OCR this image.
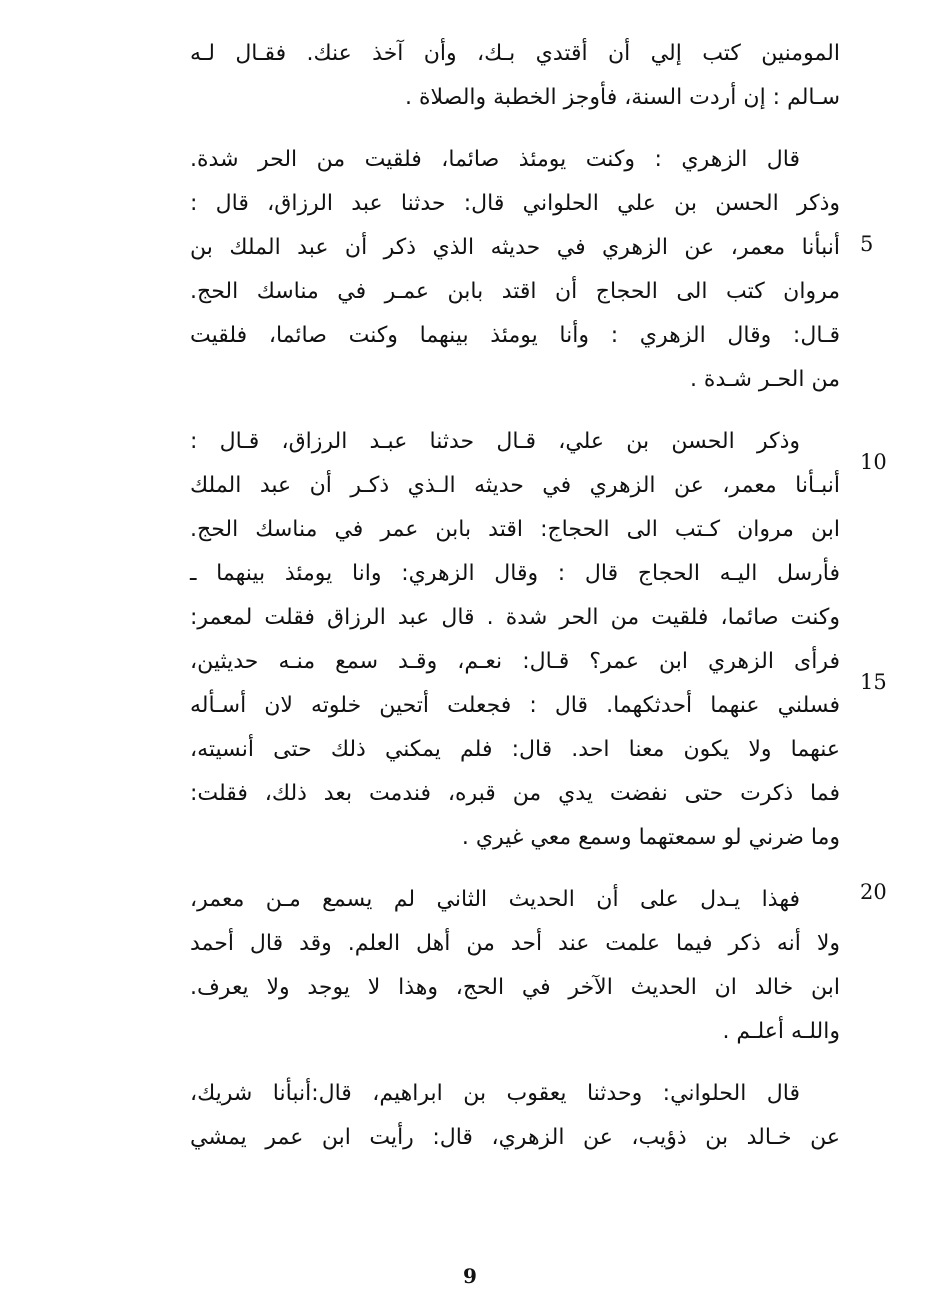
المومنين كتب إلي أن أقتدي بـك، وأن آخذ عنك. فقـال لـه
سـالم : إن أردت السنة، فأوجز الخطبة والصلاة .
قال الزهري : وكنت يومئذ صائما، فلقيت من الحر شدة.
وذكر الحسن بن علي الحلواني قال: حدثنا عبد الرزاق، قال :
أنبأنا معمر، عن الزهري في حديثه الذي ذكر أن عبد الملك بن
مروان كتب الى الحجاج أن اقتد بابن عمـر في مناسك الحج.
قـال: وقال الزهري : وأنا يومئذ بينهما وكنت صائما، فلقيت
من الحـر شـدة .
وذكر الحسن بن علي، قـال حدثنا عبـد الرزاق، قـال :
أنبـأنا معمر، عن الزهري في حديثه الـذي ذكـر أن عبد الملك
ابن مروان كـتب الى الحجاج: اقتد بابن عمر في مناسك الحج.
فأرسل اليـه الحجاج قال : وقال الزهري: وانا يومئذ بينهما ـ
وكنت صائما، فلقيت من الحر شدة . قال عبد الرزاق فقلت لمعمر:
فرأى الزهري ابن عمر؟ قـال: نعـم، وقـد سمع منـه حديثين،
فسلني عنهما أحدثكهما. قال : فجعلت أتحين خلوته لان أسـأله
عنهما ولا يكون معنا احد. قال: فلم يمكني ذلك حتى أنسيته،
فما ذكرت حتى نفضت يدي من قبره، فندمت بعد ذلك، فقلت:
وما ضرني لو سمعتهما وسمع معي غيري .
فهذا يـدل على أن الحديث الثاني لم يسمع مـن معمر،
ولا أنه ذكر فيما علمت عند أحد من أهل العلم. وقد قال أحمد
ابن خالد ان الحديث الآخر في الحج، وهذا لا يوجد ولا يعرف.
واللـه أعلـم .
قال الحلواني: وحدثنا يعقوب بن ابراهيم، قال:أنبأنا شريك،
عن خـالد بن ذؤيب، عن الزهري، قال: رأيت ابن عمر يمشي
5
10
15
20
9
